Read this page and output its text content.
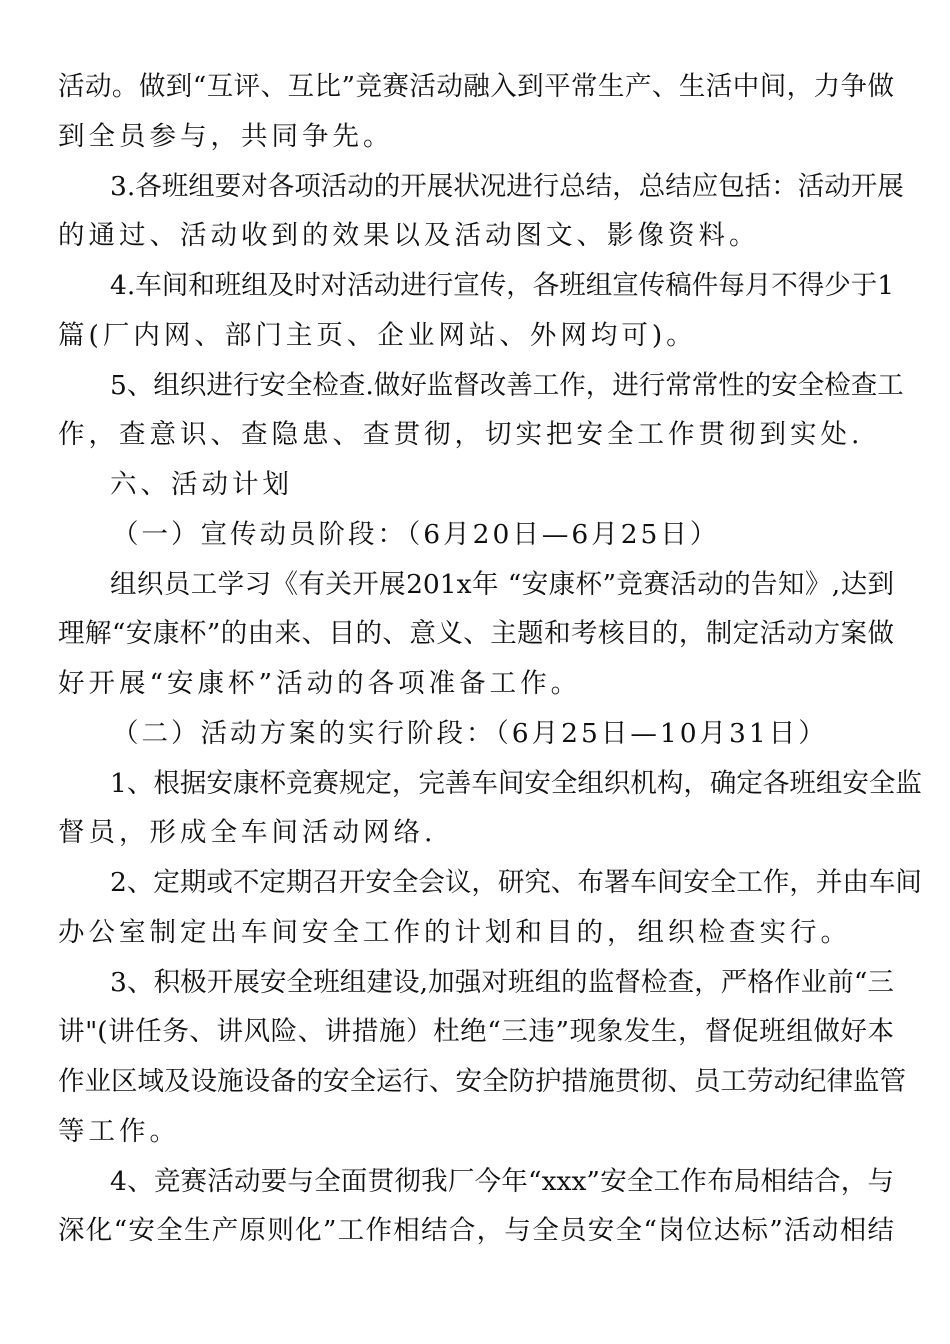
活动。做到“互评、互比”竞赛活动融入到平常生产、生活中间，力争做
到全员参与，共同争先。
3.各班组要对各项活动的开展状况进行总结，总结应包括：活动开展
的通过、活动收到的效果以及活动图文、影像资料。
4.车间和班组及时对活动进行宣传，各班组宣传稿件每月不得少于1
篇(厂内网、部门主页、企业网站、外网均可)。
5、组织进行安全检查.做好监督改善工作，进行常常性的安全检查工
作，查意识、查隐患、查贯彻，切实把安全工作贯彻到实处.
六、活动计划
（一）宣传动员阶段：（6月20日—6月25日）
组织员工学习《有关开展201x年 “安康杯”竞赛活动的告知》,达到
理解“安康杯”的由来、目的、意义、主题和考核目的，制定活动方案做
好开展“安康杯”活动的各项准备工作。
（二）活动方案的实行阶段：（6月25日—10月31日）
1、根据安康杯竞赛规定，完善车间安全组织机构，确定各班组安全监
督员，形成全车间活动网络.
2、定期或不定期召开安全会议，研究、布署车间安全工作，并由车间
办公室制定出车间安全工作的计划和目的，组织检查实行。
3、积极开展安全班组建设,加强对班组的监督检查，严格作业前“三
讲"(讲任务、讲风险、讲措施）杜绝“三违”现象发生，督促班组做好本
作业区域及设施设备的安全运行、安全防护措施贯彻、员工劳动纪律监管
等工作。
4、竞赛活动要与全面贯彻我厂今年“xxx”安全工作布局相结合，与
深化“安全生产原则化”工作相结合，与全员安全“岗位达标”活动相结
